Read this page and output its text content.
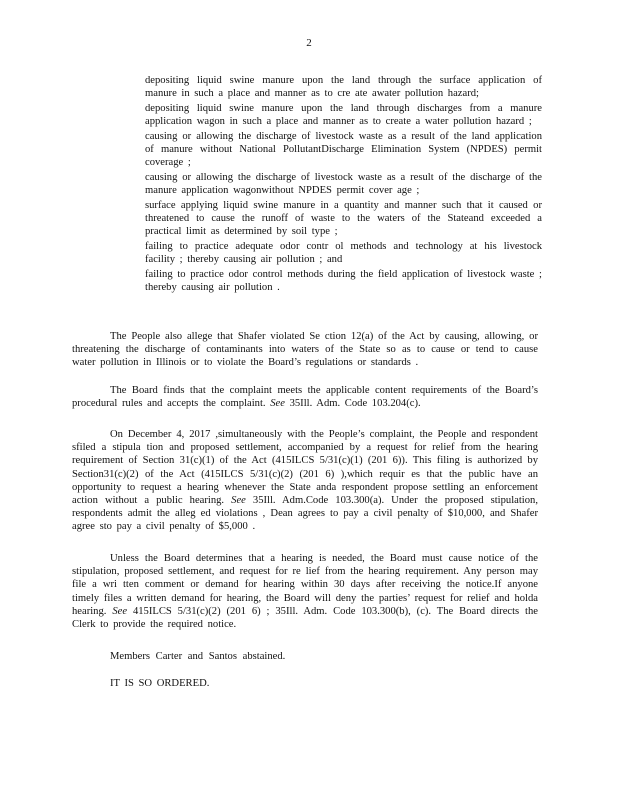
2
depositing liquid swine manure upon the land through the surface application of manure in such a place and manner as to cre ate awater pollution hazard;
depositing liquid swine manure upon the land through discharges from a manure application wagon in such a place and manner as to create a water pollution hazard ;
causing or allowing the discharge of livestock waste as a result of the land application of manure without National PollutantDischarge Elimination System (NPDES) permit coverage ;
causing or allowing the discharge of livestock waste as a result of the discharge of the manure application wagonwithout NPDES permit cover age ;
surface applying liquid swine manure in a quantity and manner such that it caused or threatened to cause the runoff of waste to the waters of the Stateand exceeded a practical limit as determined by soil type ;
failing to practice adequate odor contr ol methods and technology at his livestock facility ; thereby causing air pollution ; and
failing to practice odor control methods during the field application of livestock waste ; thereby causing air pollution .

The People also allege that Shafer violated Se ction 12(a) of the Act by causing, allowing, or threatening the discharge of contaminants into waters of the State so as to cause or tend to cause water pollution in Illinois or to violate the Board’s regulations or standards .

The Board finds that the complaint meets the applicable content requirements of the Board’s procedural rules and accepts the complaint. See 35Ill. Adm. Code 103.204(c).

On December 4, 2017 ,simultaneously with the People’s complaint, the People and respondent sfiled a stipula tion and proposed settlement, accompanied by a request for relief from the hearing requirement of Section 31(c)(1) of the Act (415ILCS 5/31(c)(1) (201 6)). This filing is authorized by Section31(c)(2) of the Act (415ILCS 5/31(c)(2) (201 6) ),which requir es that the public have an opportunity to request a hearing whenever the State anda respondent propose settling an enforcement action without a public hearing. See 35Ill. Adm.Code 103.300(a). Under the proposed stipulation, respondents admit the alleg ed violations , Dean agrees to pay a civil penalty of $10,000, and Shafer agree sto pay a civil penalty of $5,000 .

Unless the Board determines that a hearing is needed, the Board must cause notice of the stipulation, proposed settlement, and request for re lief from the hearing requirement. Any person may file a wri tten comment or demand for hearing within 30 days after receiving the notice.If anyone timely files a written demand for hearing, the Board will deny the parties’ request for relief and holda hearing. See 415ILCS 5/31(c)(2) (201 6) ; 35Ill. Adm. Code 103.300(b), (c). The Board directs the Clerk to provide the required notice.

Members Carter and Santos abstained.

IT IS SO ORDERED.
